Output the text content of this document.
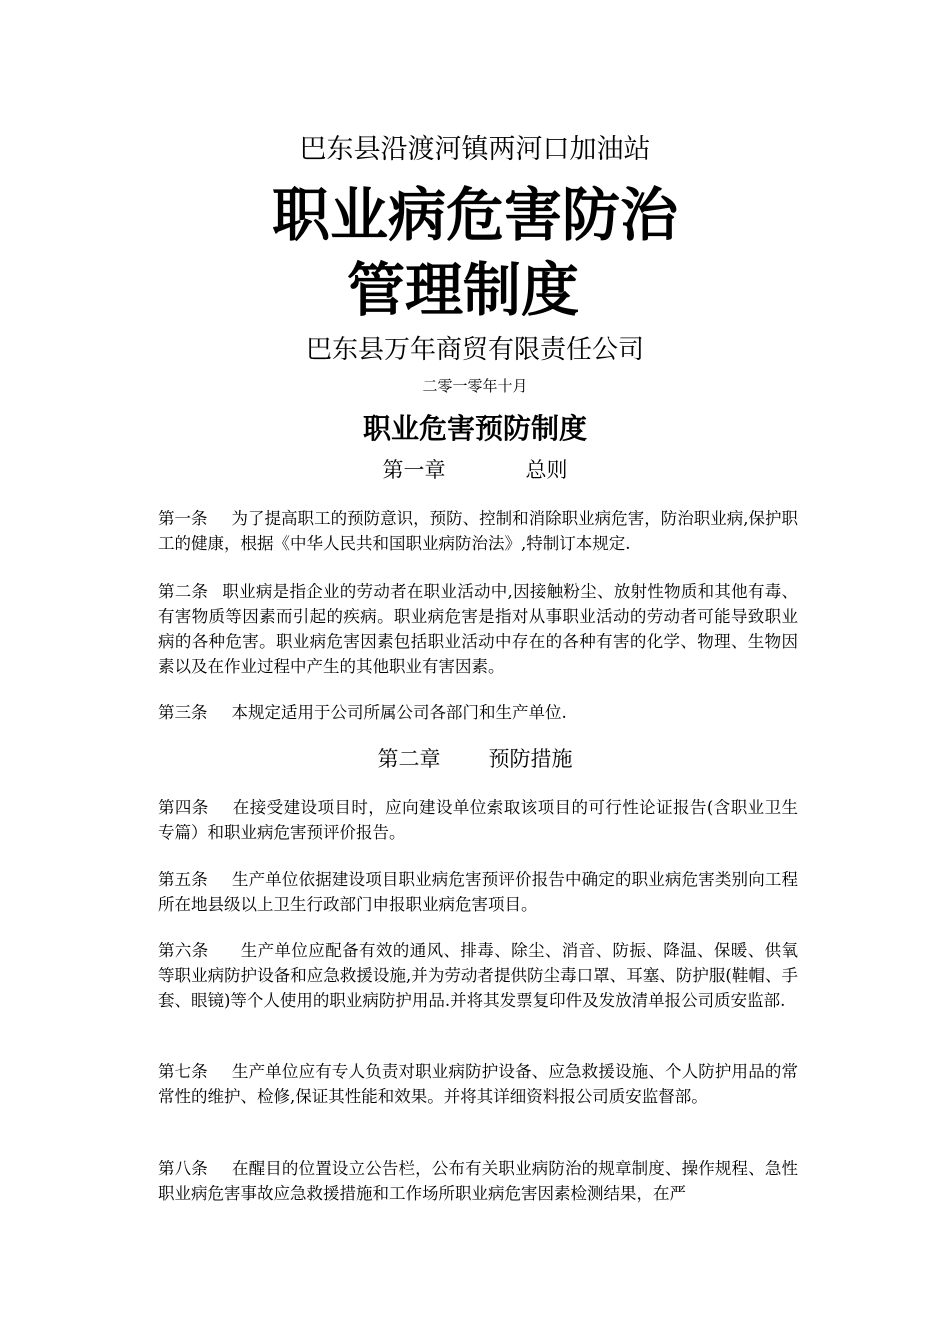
巴东县沿渡河镇两河口加油站
职业病危害防治
管理制度
巴东县万年商贸有限责任公司
二零一零年十月
职业危害预防制度
第一章	总则
第一条 为了提高职工的预防意识，预防、控制和消除职业病危害，防治职业病,保护职工的健康，根据《中华人民共和国职业病防治法》,特制订本规定.
第二条 职业病是指企业的劳动者在职业活动中,因接触粉尘、放射性物质和其他有毒、有害物质等因素而引起的疾病。职业病危害是指对从事职业活动的劳动者可能导致职业病的各种危害。职业病危害因素包括职业活动中存在的各种有害的化学、物理、生物因素以及在作业过程中产生的其他职业有害因素。
第三条 本规定适用于公司所属公司各部门和生产单位.
第二章 预防措施
第四条 在接受建设项目时，应向建设单位索取该项目的可行性论证报告(含职业卫生专篇）和职业病危害预评价报告。
第五条 生产单位依据建设项目职业病危害预评价报告中确定的职业病危害类别向工程所在地县级以上卫生行政部门申报职业病危害项目。
第六条 生产单位应配备有效的通风、排毒、除尘、消音、防振、降温、保暖、供氧等职业病防护设备和应急救援设施,并为劳动者提供防尘毒口罩、耳塞、防护服(鞋帽、手套、眼镜)等个人使用的职业病防护用品.并将其发票复印件及发放清单报公司质安监部.
第七条 生产单位应有专人负责对职业病防护设备、应急救援设施、个人防护用品的常常性的维护、检修,保证其性能和效果。并将其详细资料报公司质安监督部。
第八条 在醒目的位置设立公告栏，公布有关职业病防治的规章制度、操作规程、急性职业病危害事故应急救援措施和工作场所职业病危害因素检测结果，在严
